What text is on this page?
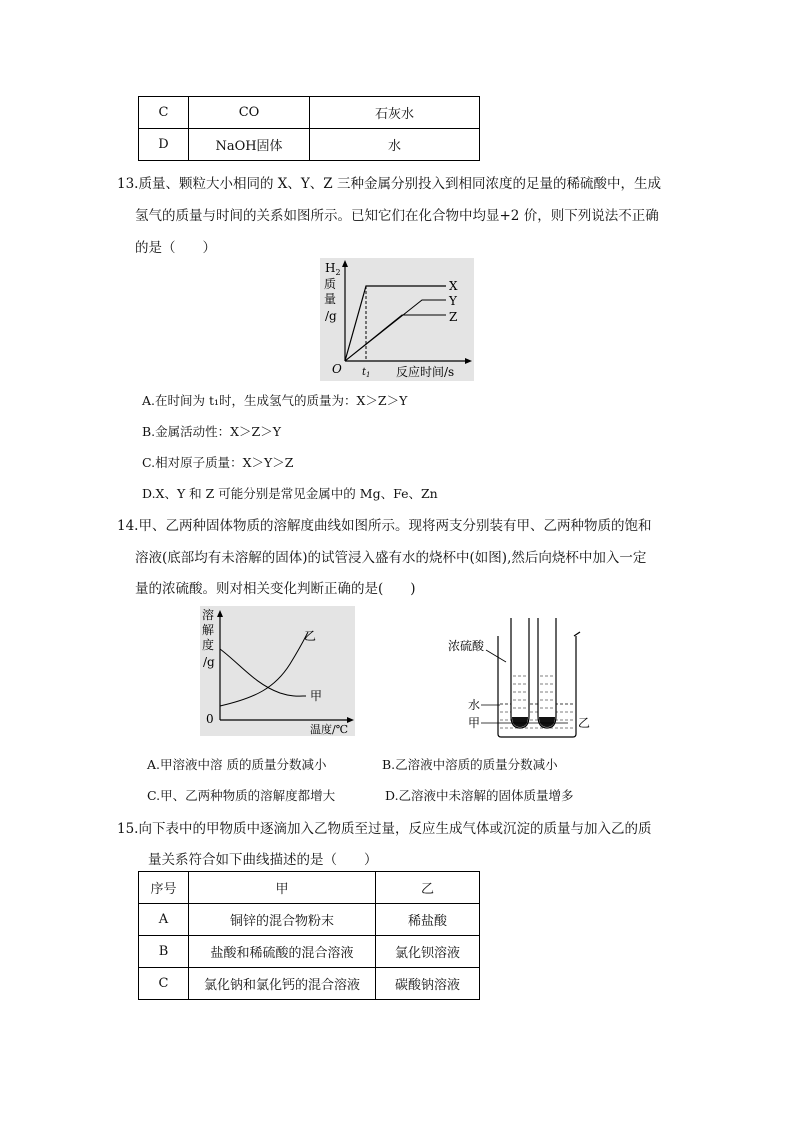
C	CO	石灰水
D	NaOH固体	水
13.质量、颗粒大小相同的 X、Y、Z 三种金属分别投入到相同浓度的足量的稀硫酸中，生成
氢气的质量与时间的关系如图所示。已知它们在化合物中均显+2 价，则下列说法不正确
的是（　　）
$H_2$
质
量
/g
O $t_1$ 反应时间/s
X
Y
Z
A.在时间为 t₁时，生成氢气的质量为：X＞Z＞Y
B.金属活动性：X＞Z＞Y
C.相对原子质量：X＞Y＞Z
D.X、Y 和 Z 可能分别是常见金属中的 Mg、Fe、Zn
14.甲、乙两种固体物质的溶解度曲线如图所示。现将两支分别装有甲、乙两种物质的饱和
溶液(底部均有未溶解的固体)的试管浸入盛有水的烧杯中(如图),然后向烧杯中加入一定
量的浓硫酸。则对相关变化判断正确的是(　　)
溶
解
度
/g
0
温度/℃
乙
甲
浓硫酸
水
甲	乙
A.甲溶液中溶 质的质量分数减小	B.乙溶液中溶质的质量分数减小
C.甲、乙两种物质的溶解度都增大	D.乙溶液中未溶解的固体质量增多
15.向下表中的甲物质中逐滴加入乙物质至过量，反应生成气体或沉淀的质量与加入乙的质
量关系符合如下曲线描述的是（　　）
序号	甲	乙
A	铜锌的混合物粉末	稀盐酸
B	盐酸和稀硫酸的混合溶液	氯化钡溶液
C	氯化钠和氯化钙的混合溶液	碳酸钠溶液
